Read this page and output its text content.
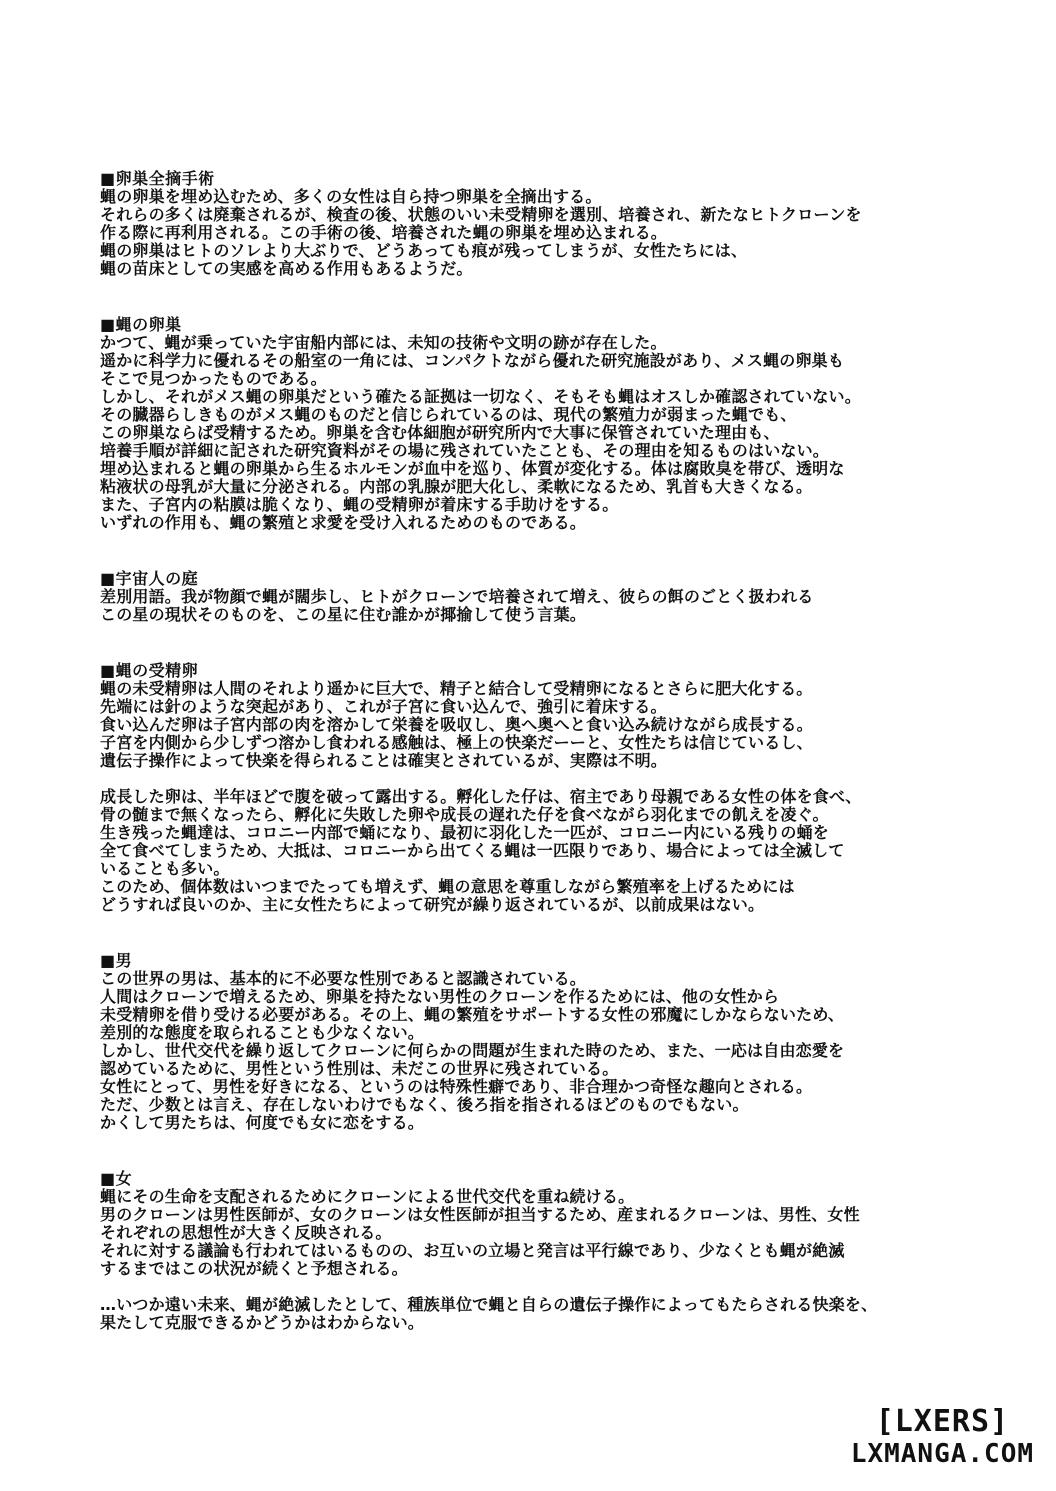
■卵巣全摘手術

蝿の卵巣を埋め込むため、多くの女性は自ら持つ卵巣を全摘出する。

それらの多くは廃棄されるが、検査の後、状態のいい未受精卵を選別、培養され、新たなヒトクローンを

作る際に再利用される。この手術の後、培養された蝿の卵巣を埋め込まれる。

蝿の卵巣はヒトのソレより大ぶりで、どうあっても痕が残ってしまうが、女性たちには、

蝿の苗床としての実感を高める作用もあるようだ。

■蝿の卵巣

かつて、蝿が乗っていた宇宙船内部には、未知の技術や文明の跡が存在した。

遥かに科学力に優れるその船室の一角には、コンパクトながら優れた研究施設があり、メス蝿の卵巣も

そこで見つかったものである。

しかし、それがメス蝿の卵巣だという確たる証拠は一切なく、そもそも蝿はオスしか確認されていない。

その臓器らしきものがメス蝿のものだと信じられているのは、現代の繁殖力が弱まった蝿でも、

この卵巣ならば受精するため。卵巣を含む体細胞が研究所内で大事に保管されていた理由も、

培養手順が詳細に記された研究資料がその場に残されていたことも、その理由を知るものはいない。

埋め込まれると蝿の卵巣から生るホルモンが血中を巡り、体質が変化する。体は腐敗臭を帯び、透明な

粘液状の母乳が大量に分泌される。内部の乳腺が肥大化し、柔軟になるため、乳首も大きくなる。

また、子宮内の粘膜は脆くなり、蝿の受精卵が着床する手助けをする。

いずれの作用も、蝿の繁殖と求愛を受け入れるためのものである。

■宇宙人の庭

差別用語。我が物顔で蝿が闊歩し、ヒトがクローンで培養されて増え、彼らの餌のごとく扱われる

この星の現状そのものを、この星に住む誰かが揶揄して使う言葉。

■蝿の受精卵

蝿の未受精卵は人間のそれより遥かに巨大で、精子と結合して受精卵になるとさらに肥大化する。

先端には針のような突起があり、これが子宮に食い込んで、強引に着床する。

食い込んだ卵は子宮内部の肉を溶かして栄養を吸収し、奥へ奥へと食い込み続けながら成長する。

子宮を内側から少しずつ溶かし食われる感触は、極上の快楽だーーと、女性たちは信じているし、

遺伝子操作によって快楽を得られることは確実とされているが、実際は不明。

成長した卵は、半年ほどで腹を破って露出する。孵化した仔は、宿主であり母親である女性の体を食べ、

骨の髄まで無くなったら、孵化に失敗した卵や成長の遅れた仔を食べながら羽化までの飢えを凌ぐ。

生き残った蝿達は、コロニー内部で蛹になり、最初に羽化した一匹が、コロニー内にいる残りの蛹を

全て食べてしまうため、大抵は、コロニーから出てくる蝿は一匹限りであり、場合によっては全滅して

いることも多い。

このため、個体数はいつまでたっても増えず、蝿の意思を尊重しながら繁殖率を上げるためには

どうすれば良いのか、主に女性たちによって研究が繰り返されているが、以前成果はない。

■男

この世界の男は、基本的に不必要な性別であると認識されている。

人間はクローンで増えるため、卵巣を持たない男性のクローンを作るためには、他の女性から

未受精卵を借り受ける必要がある。その上、蝿の繁殖をサポートする女性の邪魔にしかならないため、

差別的な態度を取られることも少なくない。

しかし、世代交代を繰り返してクローンに何らかの問題が生まれた時のため、また、一応は自由恋愛を

認めているために、男性という性別は、未だこの世界に残されている。

女性にとって、男性を好きになる、というのは特殊性癖であり、非合理かつ奇怪な趣向とされる。

ただ、少数とは言え、存在しないわけでもなく、後ろ指を指されるほどのものでもない。

かくして男たちは、何度でも女に恋をする。

■女

蝿にその生命を支配されるためにクローンによる世代交代を重ね続ける。

男のクローンは男性医師が、女のクローンは女性医師が担当するため、産まれるクローンは、男性、女性

それぞれの思想性が大きく反映される。

それに対する議論も行われてはいるものの、お互いの立場と発言は平行線であり、少なくとも蝿が絶滅

するまではこの状況が続くと予想される。

…いつか遠い未来、蝿が絶滅したとして、種族単位で蝿と自らの遺伝子操作によってもたらされる快楽を、

果たして克服できるかどうかはわからない。

[LXERS]
LXMANGA.COM
